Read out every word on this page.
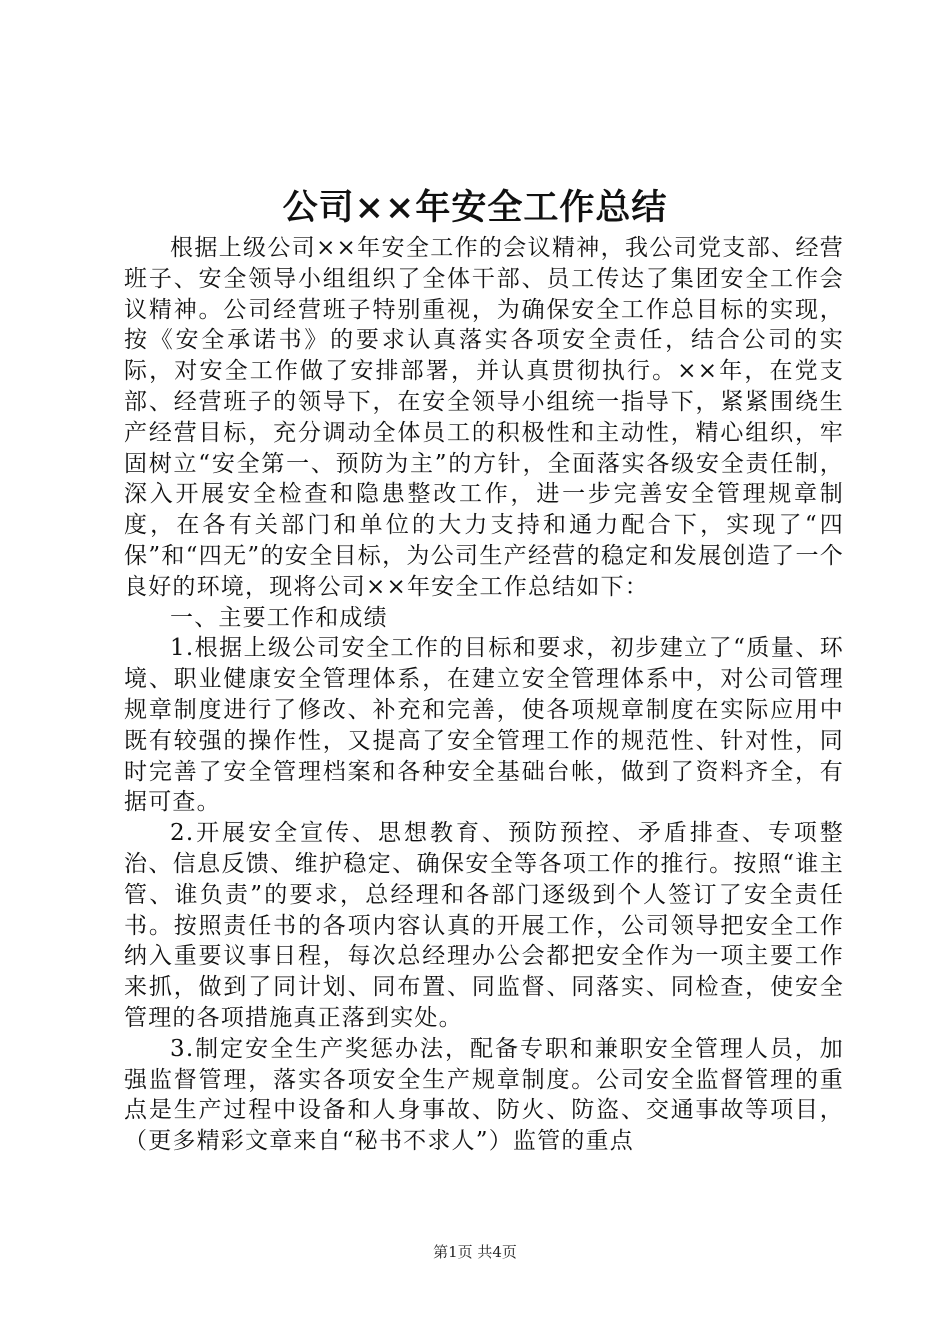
公司××年安全工作总结

根据上级公司××年安全工作的会议精神，我公司党支部、经营班子、安全领导小组组织了全体干部、员工传达了集团安全工作会议精神。公司经营班子特别重视，为确保安全工作总目标的实现，按《安全承诺书》的要求认真落实各项安全责任，结合公司的实际，对安全工作做了安排部署，并认真贯彻执行。××年，在党支部、经营班子的领导下，在安全领导小组统一指导下，紧紧围绕生产经营目标，充分调动全体员工的积极性和主动性，精心组织，牢固树立“安全第一、预防为主”的方针，全面落实各级安全责任制，深入开展安全检查和隐患整改工作，进一步完善安全管理规章制度，在各有关部门和单位的大力支持和通力配合下，实现了“四保”和“四无”的安全目标，为公司生产经营的稳定和发展创造了一个良好的环境，现将公司××年安全工作总结如下：

一、主要工作和成绩

1.根据上级公司安全工作的目标和要求，初步建立了“质量、环境、职业健康安全管理体系，在建立安全管理体系中，对公司管理规章制度进行了修改、补充和完善，使各项规章制度在实际应用中既有较强的操作性，又提高了安全管理工作的规范性、针对性，同时完善了安全管理档案和各种安全基础台帐，做到了资料齐全，有据可查。

2.开展安全宣传、思想教育、预防预控、矛盾排查、专项整治、信息反馈、维护稳定、确保安全等各项工作的推行。按照“谁主管、谁负责”的要求，总经理和各部门逐级到个人签订了安全责任书。按照责任书的各项内容认真的开展工作，公司领导把安全工作纳入重要议事日程，每次总经理办公会都把安全作为一项主要工作来抓，做到了同计划、同布置、同监督、同落实、同检查，使安全管理的各项措施真正落到实处。

3.制定安全生产奖惩办法，配备专职和兼职安全管理人员，加强监督管理，落实各项安全生产规章制度。公司安全监督管理的重点是生产过程中设备和人身事故、防火、防盗、交通事故等项目，（更多精彩文章来自“秘书不求人”）监管的重点

第1页 共4页
